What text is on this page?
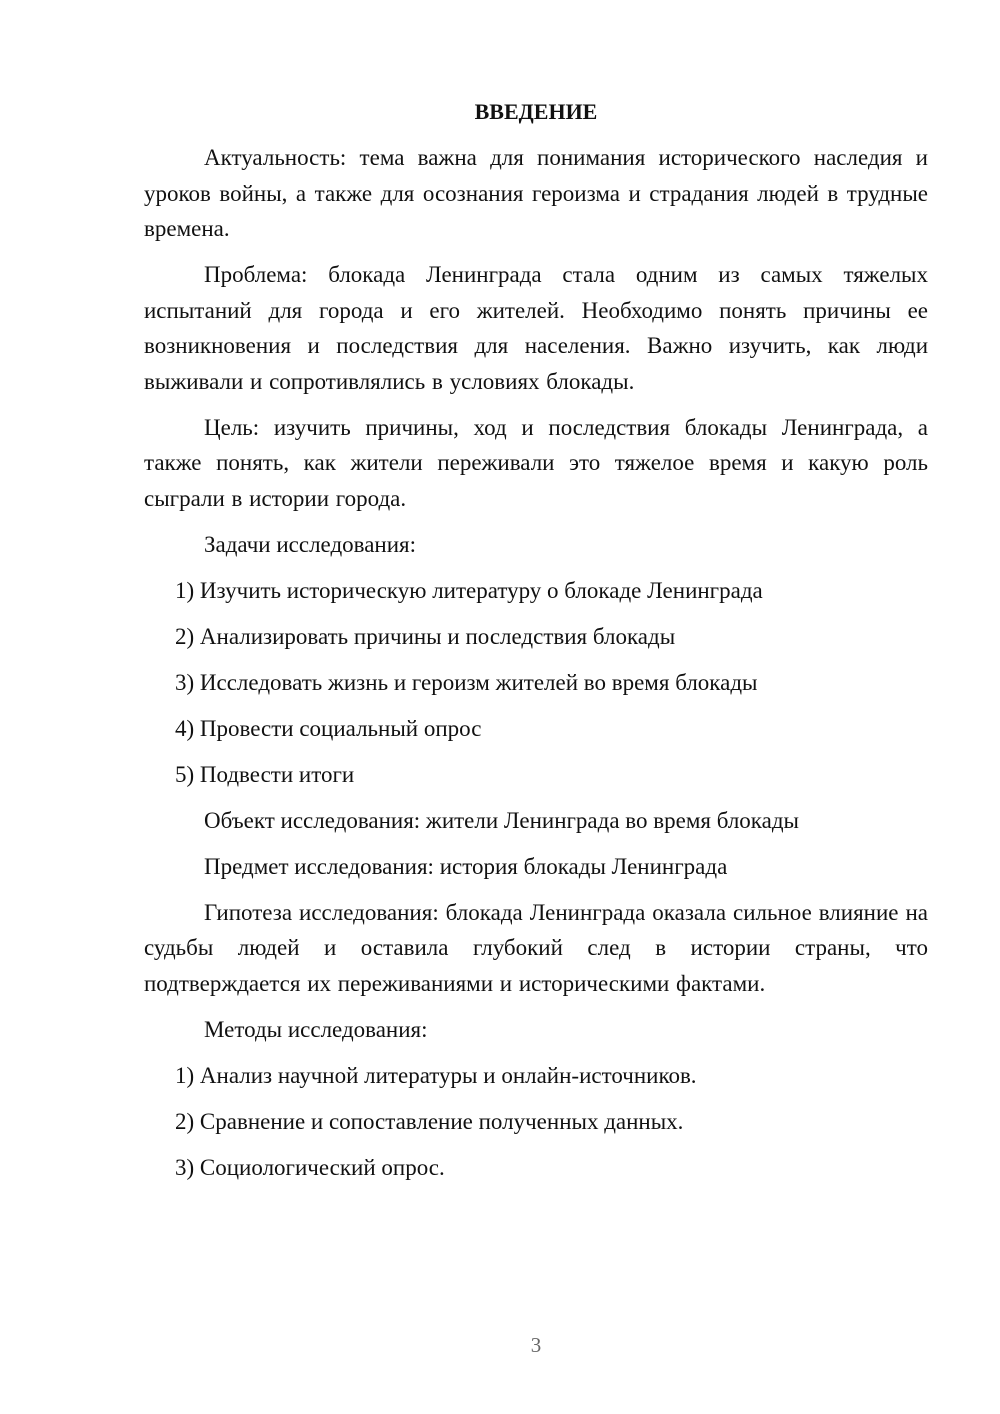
ВВЕДЕНИЕ

Актуальность: тема важна для понимания исторического наследия и уроков войны, а также для осознания героизма и страдания людей в трудные времена.

Проблема: блокада Ленинграда стала одним из самых тяжелых испытаний для города и его жителей. Необходимо понять причины ее возникновения и последствия для населения. Важно изучить, как люди выживали и сопротивлялись в условиях блокады.

Цель: изучить причины, ход и последствия блокады Ленинграда, а также понять, как жители переживали это тяжелое время и какую роль сыграли в истории города.

Задачи исследования:

1) Изучить историческую литературу о блокаде Ленинграда

2) Анализировать причины и последствия блокады

3) Исследовать жизнь и героизм жителей во время блокады

4) Провести социальный опрос

5) Подвести итоги

Объект исследования: жители Ленинграда во время блокады

Предмет исследования: история блокады Ленинграда

Гипотеза исследования: блокада Ленинграда оказала сильное влияние на судьбы людей и оставила глубокий след в истории страны, что подтверждается их переживаниями и историческими фактами.

Методы исследования:

1) Анализ научной литературы и онлайн-источников.

2) Сравнение и сопоставление полученных данных.

3) Социологический опрос.

3
